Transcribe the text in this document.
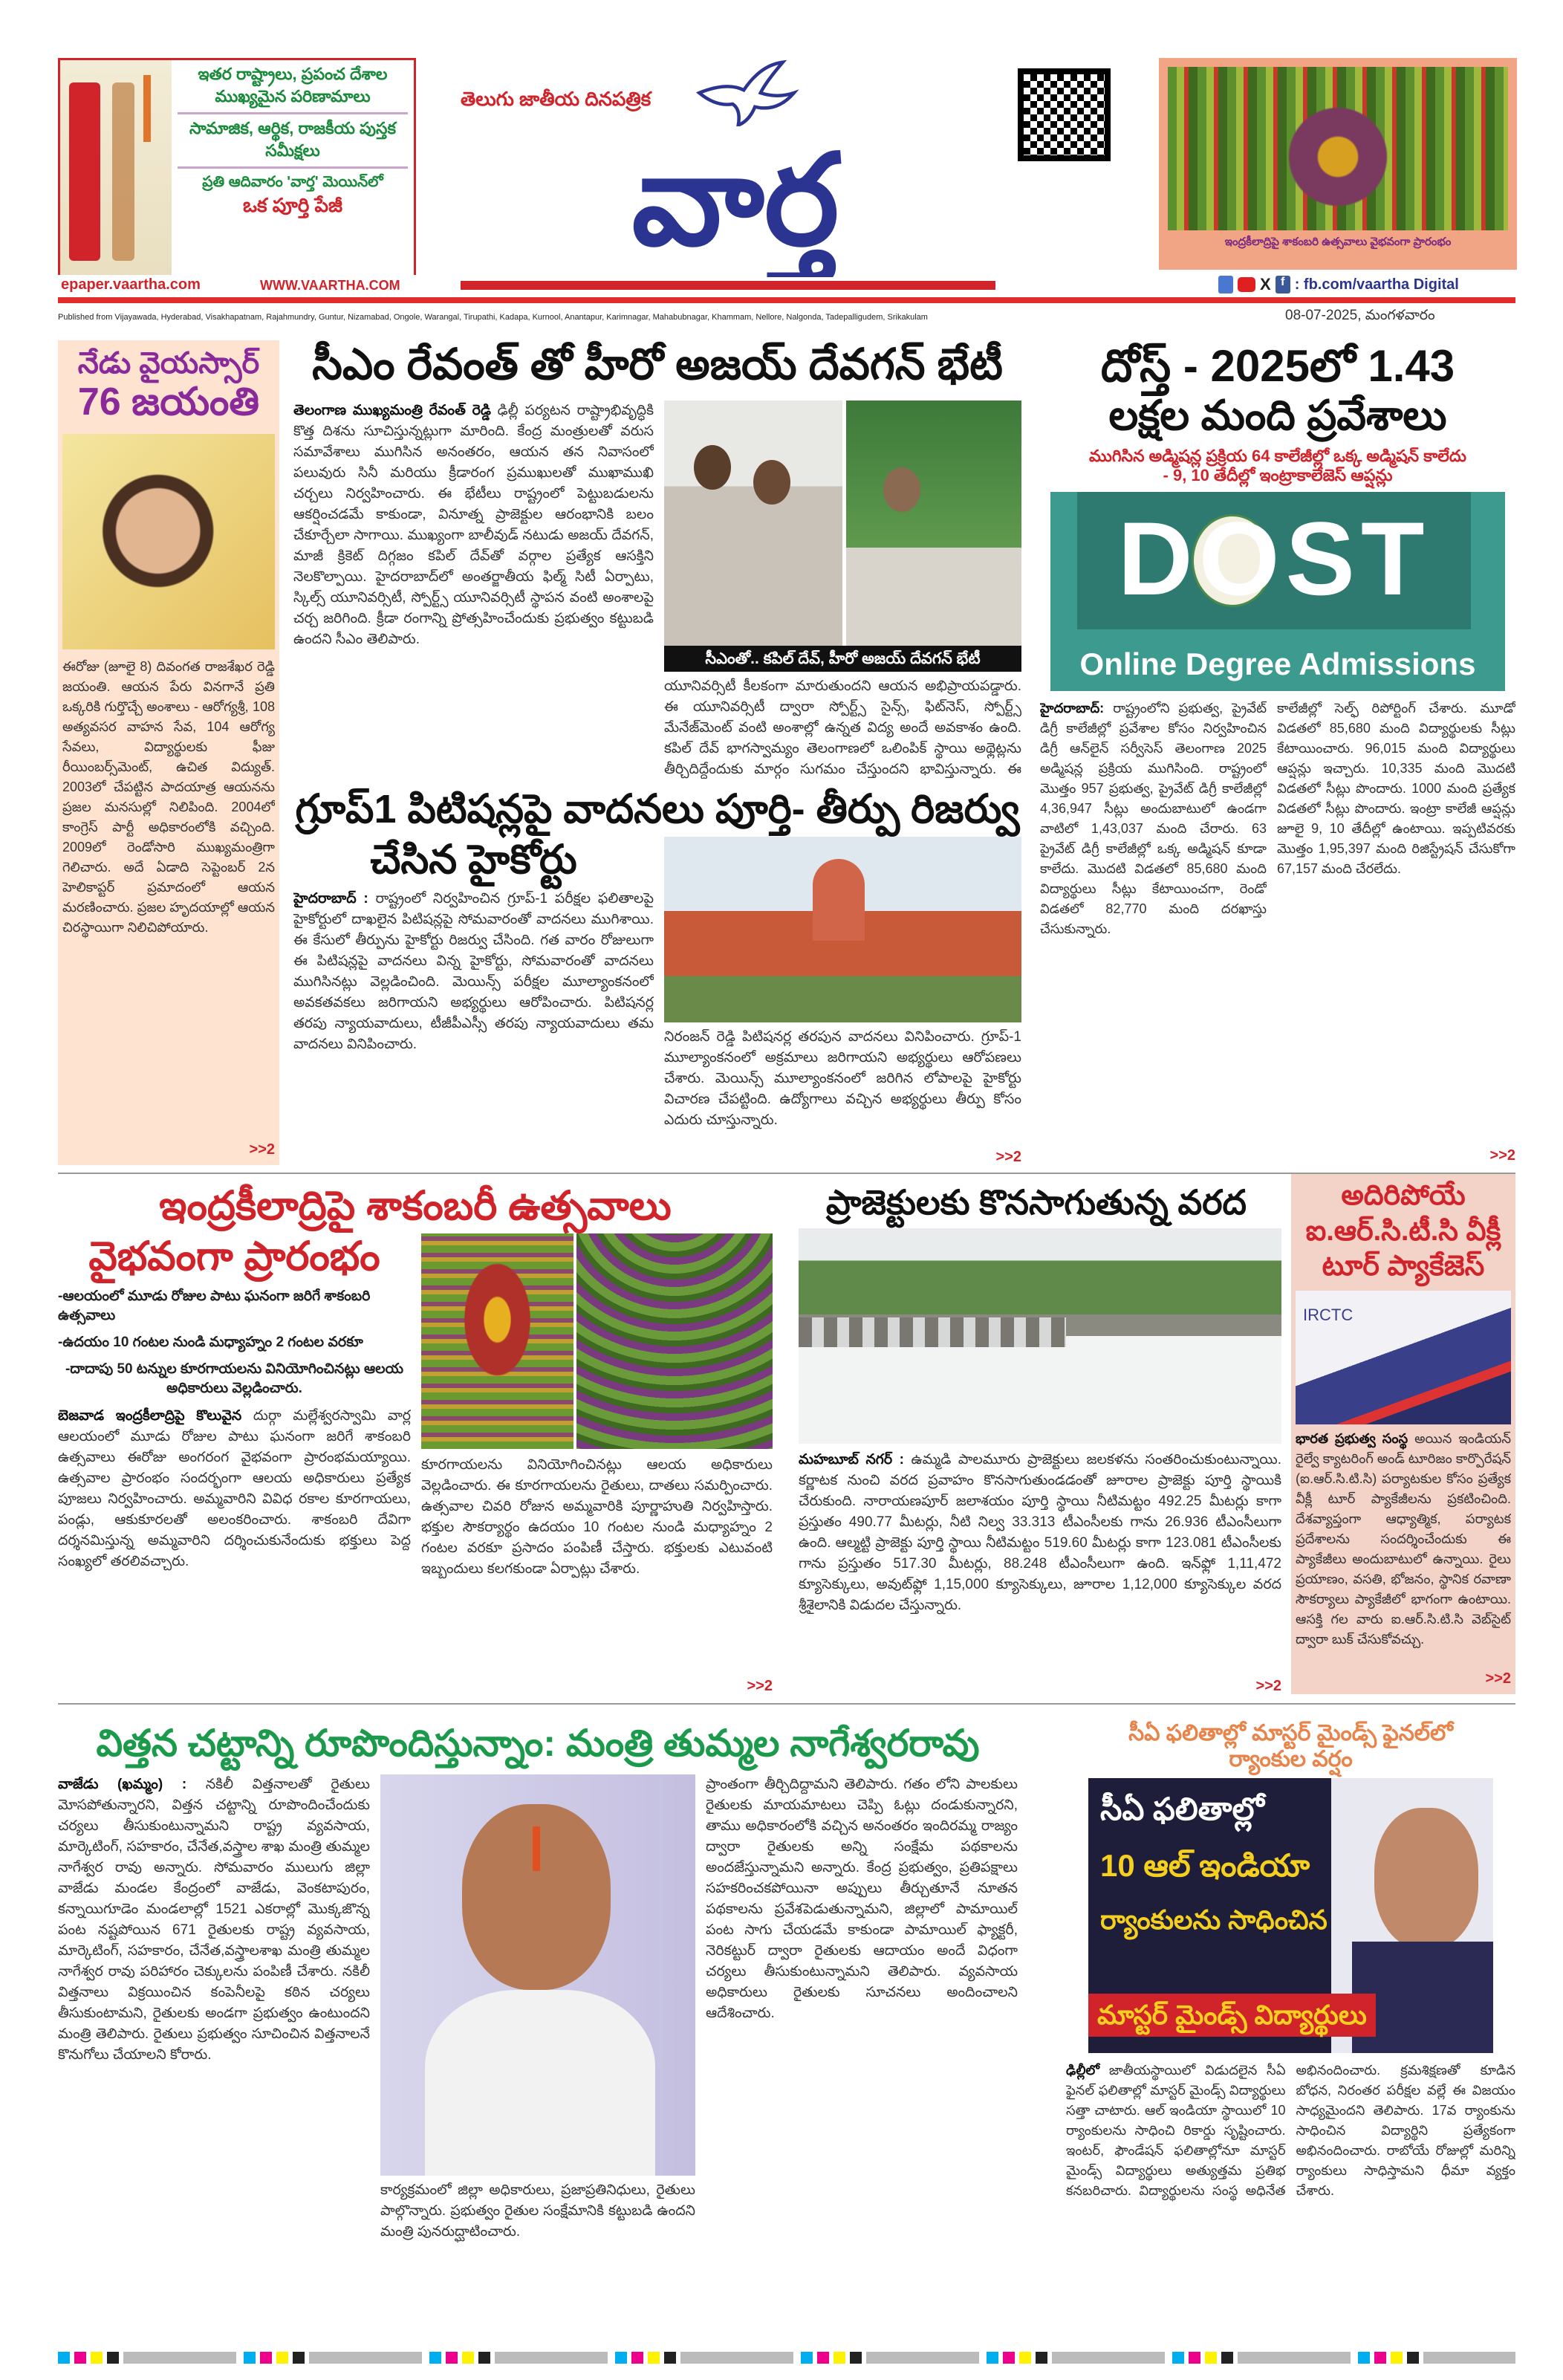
ఇతర రాష్ట్రాలు, ప్రపంచ దేశాల ముఖ్యమైన పరిణామాలు
సామాజిక, ఆర్థిక, రాజకీయ పుస్తక సమీక్షలు
ప్రతి ఆదివారం 'వార్త' మెయిన్‌లో
ఒక పూర్తి పేజీ
epaper.vaartha.com	WWW.VAARTHA.COM
తెలుగు జాతీయ దినపత్రిక
వార్త	ఇంద్రకీలాద్రిపై శాకంబరి ఉత్సవాలు వైభవంగా ప్రారంభం
X f : fb.com/vaartha Digital
Published from Vijayawada, Hyderabad, Visakhapatnam, Rajahmundry, Guntur, Nizamabad, Ongole, Warangal, Tirupathi, Kadapa, Kurnool, Anantapur, Karimnagar, Mahabubnagar, Khammam, Nellore, Nalgonda, Tadepalligudem, Srikakulam	08-07-2025, మంగళవారం
నేడు వైయస్సార్
76 జయంతి
ఈరోజు (జూలై 8) దివంగత రాజశేఖర రెడ్డి జయంతి. ఆయన పేరు వినగానే ప్రతి ఒక్కరికి గుర్తొచ్చే అంశాలు - ఆరోగ్యశ్రీ, 108 అత్యవసర వాహన సేవ, 104 ఆరోగ్య సేవలు, విద్యార్థులకు ఫీజు రీయింబర్స్‌మెంట్, ఉచిత విద్యుత్. 2003లో చేపట్టిన పాదయాత్ర ఆయనను ప్రజల మనసుల్లో నిలిపింది. 2004లో కాంగ్రెస్ పార్టీ అధికారంలోకి వచ్చింది. 2009లో రెండోసారి ముఖ్యమంత్రిగా గెలిచారు. అదే ఏడాది సెప్టెంబర్ 2న హెలికాప్టర్ ప్రమాదంలో ఆయన మరణించారు. ప్రజల హృదయాల్లో ఆయన చిరస్థాయిగా నిలిచిపోయారు.
>>2
సీఎం రేవంత్ తో హీరో అజయ్ దేవగన్ భేటీ
తెలంగాణ ముఖ్యమంత్రి రేవంత్ రెడ్డి ఢిల్లీ పర్యటన రాష్ట్రాభివృద్ధికి కొత్త దిశను సూచిస్తున్నట్లుగా మారింది. కేంద్ర మంత్రులతో వరుస సమావేశాలు ముగిసిన అనంతరం, ఆయన తన నివాసంలో పలువురు సినీ మరియు క్రీడారంగ ప్రముఖులతో ముఖాముఖి చర్చలు నిర్వహించారు. ఈ భేటీలు రాష్ట్రంలో పెట్టుబడులను ఆకర్షించడమే కాకుండా, వినూత్న ప్రాజెక్టుల ఆరంభానికి బలం చేకూర్చేలా సాగాయి. ముఖ్యంగా బాలీవుడ్ నటుడు అజయ్ దేవగన్, మాజీ క్రికెట్ దిగ్గజం కపిల్ దేవ్‌తో వర్గాల ప్రత్యేక ఆసక్తిని నెలకొల్పాయి. హైదరాబాద్‌లో అంతర్జాతీయ ఫిల్మ్ సిటీ ఏర్పాటు, స్కిల్స్ యూనివర్సిటీ, స్పోర్ట్స్ యూనివర్సిటీ స్థాపన వంటి అంశాలపై చర్చ జరిగింది. క్రీడా రంగాన్ని ప్రోత్సహించేందుకు ప్రభుత్వం కట్టుబడి ఉందని సీఎం తెలిపారు.
సీఎంతో.. కపిల్ దేవ్, హీరో అజయ్ దేవగన్ భేటీ
యూనివర్సిటీ కీలకంగా మారుతుందని ఆయన అభిప్రాయపడ్డారు. ఈ యూనివర్సిటీ ద్వారా స్పోర్ట్స్ సైన్స్, ఫిట్‌నెస్, స్పోర్ట్స్ మేనేజ్‌మెంట్ వంటి అంశాల్లో ఉన్నత విద్య అందే అవకాశం ఉంది. కపిల్ దేవ్ భాగస్వామ్యం తెలంగాణలో ఒలింపిక్ స్థాయి అథ్లెట్లను తీర్చిదిద్దేందుకు మార్గం సుగమం చేస్తుందని భావిస్తున్నారు. ఈ
గ్రూప్1 పిటిషన్లపై వాదనలు పూర్తి- తీర్పు రిజర్వు
చేసిన హైకోర్టు
హైదరాబాద్ : రాష్ట్రంలో నిర్వహించిన గ్రూప్-1 పరీక్షల ఫలితాలపై హైకోర్టులో దాఖలైన పిటిషన్లపై సోమవారంతో వాదనలు ముగిశాయి. ఈ కేసులో తీర్పును హైకోర్టు రిజర్వు చేసింది. గత వారం రోజులుగా ఈ పిటిషన్లపై వాదనలు విన్న హైకోర్టు, సోమవారంతో వాదనలు ముగిసినట్లు వెల్లడించింది. మెయిన్స్ పరీక్షల మూల్యాంకనంలో అవకతవకలు జరిగాయని అభ్యర్థులు ఆరోపించారు. పిటిషనర్ల తరపు న్యాయవాదులు, టీజీపీఎస్సీ తరపు న్యాయవాదులు తమ వాదనలు వినిపించారు.	నిరంజన్ రెడ్డి పిటిషనర్ల తరపున వాదనలు వినిపించారు. గ్రూప్-1 మూల్యాంకనంలో అక్రమాలు జరిగాయని అభ్యర్థులు ఆరోపణలు చేశారు. మెయిన్స్ మూల్యాంకనంలో జరిగిన లోపాలపై హైకోర్టు విచారణ చేపట్టింది. ఉద్యోగాలు వచ్చిన అభ్యర్థులు తీర్పు కోసం ఎదురు చూస్తున్నారు.
>>2
దోస్త్ - 2025లో 1.43
లక్షల మంది ప్రవేశాలు
ముగిసిన అడ్మిషన్ల ప్రక్రియ 64 కాలేజీల్లో ఒక్క అడ్మిషన్ కాలేదు
- 9, 10 తేదీల్లో ఇంట్రాకాలేజెస్ ఆప్షన్లు
DOST
Online Degree Admissions
హైదరాబాద్: రాష్ట్రంలోని ప్రభుత్వ, ప్రైవేట్ డిగ్రీ కాలేజీల్లో ప్రవేశాల కోసం నిర్వహించిన డిగ్రీ ఆన్‌లైన్ సర్వీసెస్ తెలంగాణ 2025 అడ్మిషన్ల ప్రక్రియ ముగిసింది. రాష్ట్రంలో మొత్తం 957 ప్రభుత్వ, ప్రైవేట్ డిగ్రీ కాలేజీల్లో 4,36,947 సీట్లు అందుబాటులో ఉండగా వాటిలో 1,43,037 మంది చేరారు. 63 ప్రైవేట్ డిగ్రీ కాలేజీల్లో ఒక్క అడ్మిషన్ కూడా కాలేదు. మొదటి విడతలో 85,680 మంది విద్యార్థులు సీట్లు కేటాయించగా, రెండో విడతలో 82,770 మంది దరఖాస్తు చేసుకున్నారు.
కాలేజీల్లో సెల్ఫ్ రిపోర్టింగ్ చేశారు. మూడో విడతలో 85,680 మంది విద్యార్థులకు సీట్లు కేటాయించారు. 96,015 మంది విద్యార్థులు ఆప్షన్లు ఇచ్చారు. 10,335 మంది మొదటి విడతలో సీట్లు పొందారు. 1000 మంది ప్రత్యేక విడతలో సీట్లు పొందారు. ఇంట్రా కాలేజీ ఆప్షన్లు జూలై 9, 10 తేదీల్లో ఉంటాయి. ఇప్పటివరకు మొత్తం 1,95,397 మంది రిజిస్ట్రేషన్ చేసుకోగా 67,157 మంది చేరలేదు.
>>2
ఇంద్రకీలాద్రిపై శాకంబరీ ఉత్సవాలు
వైభవంగా ప్రారంభం
-ఆలయంలో మూడు రోజుల పాటు ఘనంగా జరిగే శాకంబరి ఉత్సవాలు
-ఉదయం 10 గంటల నుండి మధ్యాహ్నం 2 గంటల వరకూ
-దాదాపు 50 టన్నుల కూరగాయలను వినియోగించినట్లు ఆలయ అధికారులు వెల్లడించారు.
బెజవాడ ఇంద్రకీలాద్రిపై కొలువైన దుర్గా మల్లేశ్వరస్వామి వార్ల ఆలయంలో మూడు రోజుల పాటు ఘనంగా జరిగే శాకంబరి ఉత్సవాలు ఈరోజు అంగరంగ వైభవంగా ప్రారంభమయ్యాయి. ఉత్సవాల ప్రారంభం సందర్భంగా ఆలయ అధికారులు ప్రత్యేక పూజలు నిర్వహించారు. అమ్మవారిని వివిధ రకాల కూరగాయలు, పండ్లు, ఆకుకూరలతో అలంకరించారు. శాకంబరి దేవిగా దర్శనమిస్తున్న అమ్మవారిని దర్శించుకునేందుకు భక్తులు పెద్ద సంఖ్యలో తరలివచ్చారు.
కూరగాయలను వినియోగించినట్లు ఆలయ అధికారులు వెల్లడించారు. ఈ కూరగాయలను రైతులు, దాతలు సమర్పించారు. ఉత్సవాల చివరి రోజున అమ్మవారికి పూర్ణాహుతి నిర్వహిస్తారు. భక్తుల సౌకర్యార్థం ఉదయం 10 గంటల నుండి మధ్యాహ్నం 2 గంటల వరకూ ప్రసాదం పంపిణీ చేస్తారు. భక్తులకు ఎటువంటి ఇబ్బందులు కలగకుండా ఏర్పాట్లు చేశారు.
>>2
ప్రాజెక్టులకు కొనసాగుతున్న వరద
మహబూబ్ నగర్ : ఉమ్మడి పాలమూరు ప్రాజెక్టులు జలకళను సంతరించుకుంటున్నాయి. కర్ణాటక నుంచి వరద ప్రవాహం కొనసాగుతుండడంతో జూరాల ప్రాజెక్టు పూర్తి స్థాయికి చేరుకుంది. నారాయణపూర్ జలాశయం పూర్తి స్థాయి నీటిమట్టం 492.25 మీటర్లు కాగా ప్రస్తుతం 490.77 మీటర్లు, నీటి నిల్వ 33.313 టీఎంసీలకు గాను 26.936 టీఎంసీలుగా ఉంది. ఆల్మట్టి ప్రాజెక్టు పూర్తి స్థాయి నీటిమట్టం 519.60 మీటర్లు కాగా 123.081 టీఎంసీలకు గాను ప్రస్తుతం 517.30 మీటర్లు, 88.248 టీఎంసీలుగా ఉంది. ఇన్‌ఫ్లో 1,11,472 క్యూసెక్కులు, అవుట్‌ఫ్లో 1,15,000 క్యూసెక్కులు, జూరాల 1,12,000 క్యూసెక్కుల వరద శ్రీశైలానికి విడుదల చేస్తున్నారు.
>>2
అదిరిపోయే
ఐ.ఆర్.సి.టీ.సి వీక్లీ
టూర్ ప్యాకేజెస్
IRCTC
భారత ప్రభుత్వ సంస్థ అయిన ఇండియన్ రైల్వే క్యాటరింగ్ అండ్ టూరిజం కార్పొరేషన్ (ఐ.ఆర్.సి.టి.సి) పర్యాటకుల కోసం ప్రత్యేక వీక్లీ టూర్ ప్యాకేజీలను ప్రకటించింది. దేశవ్యాప్తంగా ఆధ్యాత్మిక, పర్యాటక ప్రదేశాలను సందర్శించేందుకు ఈ ప్యాకేజీలు అందుబాటులో ఉన్నాయి. రైలు ప్రయాణం, వసతి, భోజనం, స్థానిక రవాణా సౌకర్యాలు ప్యాకేజీలో భాగంగా ఉంటాయి. ఆసక్తి గల వారు ఐ.ఆర్.సి.టి.సి వెబ్‌సైట్ ద్వారా బుక్ చేసుకోవచ్చు.
>>2
విత్తన చట్టాన్ని రూపొందిస్తున్నాం: మంత్రి తుమ్మల నాగేశ్వరరావు
వాజేడు (ఖమ్మం) : నకిలీ విత్తనాలతో రైతులు మోసపోతున్నారని, విత్తన చట్టాన్ని రూపొందించేందుకు చర్యలు తీసుకుంటున్నామని రాష్ట్ర వ్యవసాయ, మార్కెటింగ్, సహకారం, చేనేత,వస్త్రాల శాఖ మంత్రి తుమ్మల నాగేశ్వర రావు అన్నారు. సోమవారం ములుగు జిల్లా వాజేడు మండల కేంద్రంలో వాజేడు, వెంకటాపురం, కన్నాయిగూడెం మండలాల్లో 1521 ఎకరాల్లో మొక్కజొన్న పంట నష్టపోయిన 671 రైతులకు రాష్ట్ర వ్యవసాయ, మార్కెటింగ్, సహకారం, చేనేత,వస్త్రాలశాఖ మంత్రి తుమ్మల నాగేశ్వర రావు పరిహారం చెక్కులను పంపిణీ చేశారు. నకిలీ విత్తనాలు విక్రయించిన కంపెనీలపై కఠిన చర్యలు తీసుకుంటామని, రైతులకు అండగా ప్రభుత్వం ఉంటుందని మంత్రి తెలిపారు. రైతులు ప్రభుత్వం సూచించిన విత్తనాలనే కొనుగోలు చేయాలని కోరారు.
కార్యక్రమంలో జిల్లా అధికారులు, ప్రజాప్రతినిధులు, రైతులు పాల్గొన్నారు. ప్రభుత్వం రైతుల సంక్షేమానికి కట్టుబడి ఉందని మంత్రి పునరుద్ఘాటించారు.
ప్రాంతంగా తీర్చిదిద్దామని తెలిపారు. గతం లోని పాలకులు రైతులకు మాయమాటలు చెప్పి ఓట్లు దండుకున్నారని, తాము అధికారంలోకి వచ్చిన అనంతరం ఇందిరమ్మ రాజ్యం ద్వారా రైతులకు అన్ని సంక్షేమ పథకాలను అందజేస్తున్నామని అన్నారు. కేంద్ర ప్రభుత్వం, ప్రతిపక్షాలు సహకరించకపోయినా అప్పులు తీర్చుతూనే నూతన పథకాలను ప్రవేశపెడుతున్నామని, జిల్లాలో పామాయిల్ పంట సాగు చేయడమే కాకుండా పామాయిల్ ఫ్యాక్టరీ, నెరికట్టుర్ ద్వారా రైతులకు ఆదాయం అందే విధంగా చర్యలు తీసుకుంటున్నామని తెలిపారు. వ్యవసాయ అధికారులు రైతులకు సూచనలు అందించాలని ఆదేశించారు.
సీఏ ఫలితాల్లో మాస్టర్ మైండ్స్ ఫైనల్‌లో
ర్యాంకుల వర్షం
సీఏ ఫలితాల్లో
10 ఆల్ ఇండియా
ర్యాంకులను సాధించిన
మాస్టర్ మైండ్స్ విద్యార్థులు
ఢిల్లీలో జాతీయస్థాయిలో విడుదలైన సీఏ ఫైనల్ ఫలితాల్లో మాస్టర్ మైండ్స్ విద్యార్థులు సత్తా చాటారు. ఆల్ ఇండియా స్థాయిలో 10 ర్యాంకులను సాధించి రికార్డు సృష్టించారు. ఇంటర్, ఫౌండేషన్ ఫలితాల్లోనూ మాస్టర్ మైండ్స్ విద్యార్థులు అత్యుత్తమ ప్రతిభ కనబరిచారు. విద్యార్థులను సంస్థ అధినేత అభినందించారు. క్రమశిక్షణతో కూడిన బోధన, నిరంతర పరీక్షల వల్లే ఈ విజయం సాధ్యమైందని తెలిపారు. 17వ ర్యాంకును సాధించిన విద్యార్థిని ప్రత్యేకంగా అభినందించారు. రాబోయే రోజుల్లో మరిన్ని ర్యాంకులు సాధిస్తామని ధీమా వ్యక్తం చేశారు.
